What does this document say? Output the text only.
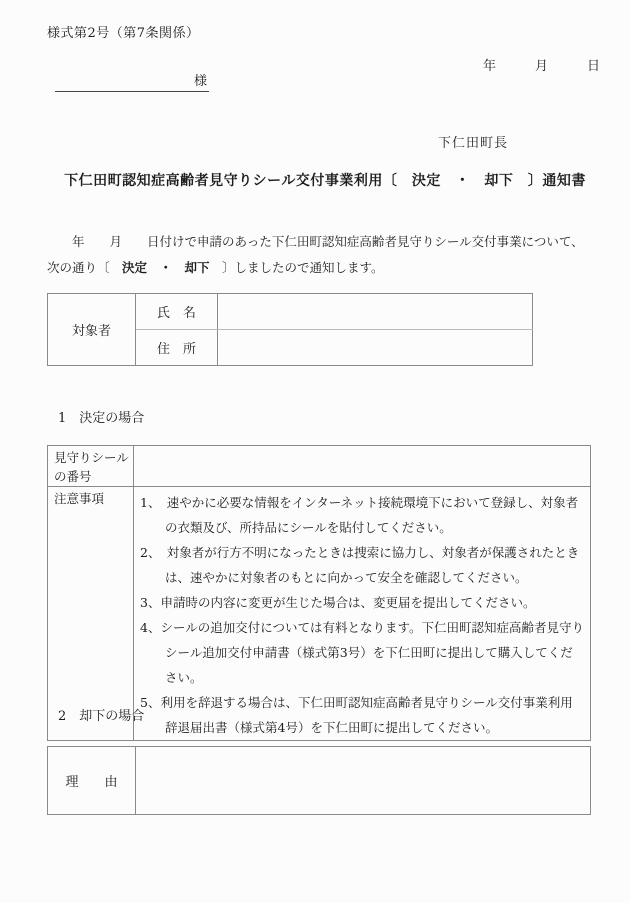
様式第2号（第7条関係）
年　　　月　　　日
様
下仁田町長
下仁田町認知症高齢者見守りシール交付事業利用〔　決定　・　却下　〕通知書
　　年　　月　　日付けで申請のあった下仁田町認知症高齢者見守りシール交付事業について、
次の通り〔　決定　・　却下　〕しましたので通知します。
対象者	氏　名	
	住　所	
1　決定の場合
見守りシール
の番号	

注意事項	1、　速やかに必要な情報をインターネット接続環境下において登録し、対象者の衣類及び、所持品にシールを貼付してください。
2、　対象者が行方不明になったときは捜索に協力し、対象者が保護されたときは、速やかに対象者のもとに向かって安全を確認してください。
3、申請時の内容に変更が生じた場合は、変更届を提出してください。
4、シールの追加交付については有料となります。下仁田町認知症高齢者見守りシール追加交付申請書（様式第3号）を下仁田町に提出して購入してください。
5、利用を辞退する場合は、下仁田町認知症高齢者見守りシール交付事業利用辞退届出書（様式第4号）を下仁田町に提出してください。
2　却下の場合
理　　由	
